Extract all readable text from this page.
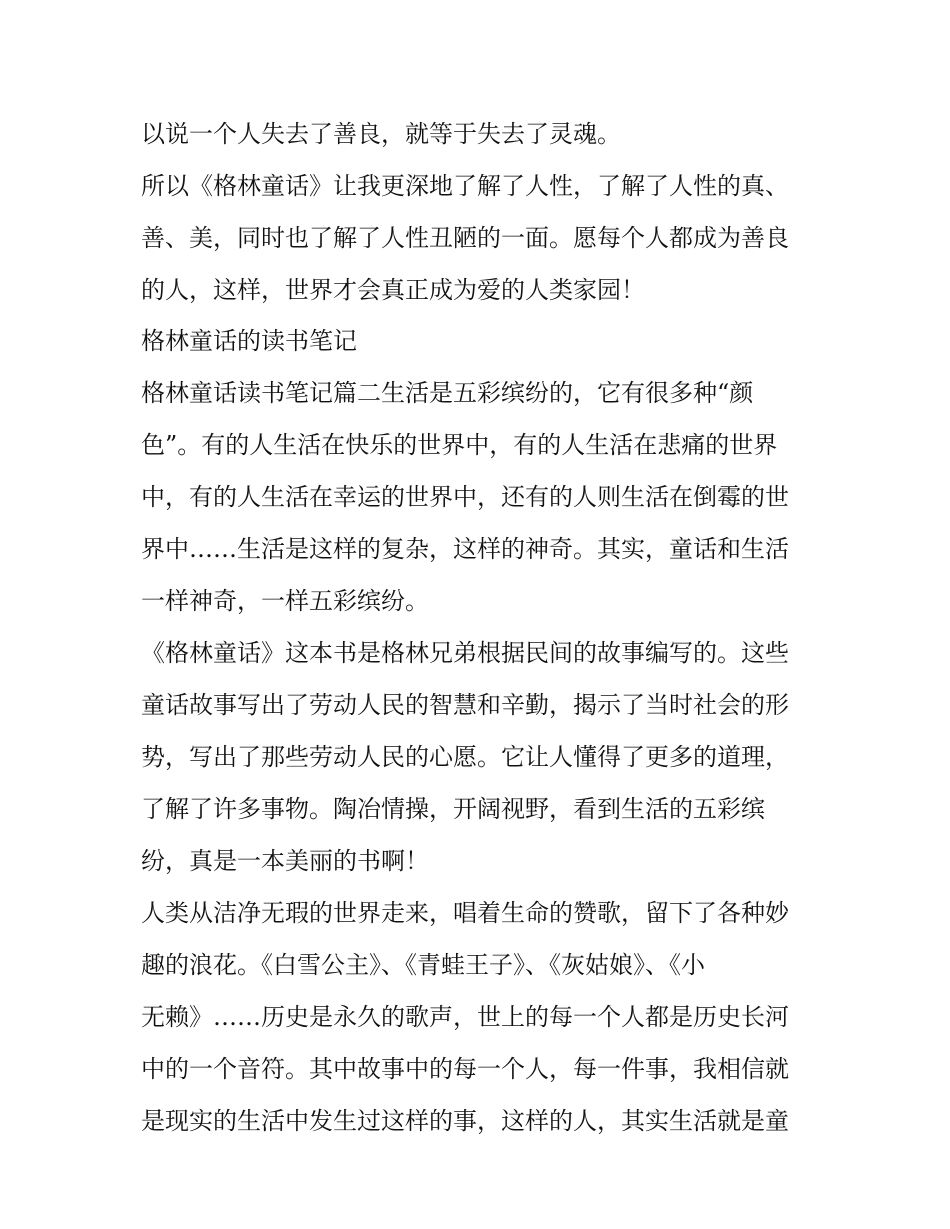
以说一个人失去了善良，就等于失去了灵魂。
所以《格林童话》让我更深地了解了人性，了解了人性的真、
善、美，同时也了解了人性丑陋的一面。愿每个人都成为善良
的人，这样，世界才会真正成为爱的人类家园！
格林童话的读书笔记
格林童话读书笔记篇二生活是五彩缤纷的，它有很多种“颜
色”。有的人生活在快乐的世界中，有的人生活在悲痛的世界
中，有的人生活在幸运的世界中，还有的人则生活在倒霉的世
界中……生活是这样的复杂，这样的神奇。其实，童话和生活
一样神奇，一样五彩缤纷。
《格林童话》这本书是格林兄弟根据民间的故事编写的。这些
童话故事写出了劳动人民的智慧和辛勤，揭示了当时社会的形
势，写出了那些劳动人民的心愿。它让人懂得了更多的道理，
了解了许多事物。陶冶情操，开阔视野，看到生活的五彩缤
纷，真是一本美丽的书啊！
人类从洁净无瑕的世界走来，唱着生命的赞歌，留下了各种妙
趣的浪花。《白雪公主》、《青蛙王子》、《灰姑娘》、《小
无赖》……历史是永久的歌声，世上的每一个人都是历史长河
中的一个音符。其中故事中的每一个人，每一件事，我相信就
是现实的生活中发生过这样的事，这样的人，其实生活就是童
